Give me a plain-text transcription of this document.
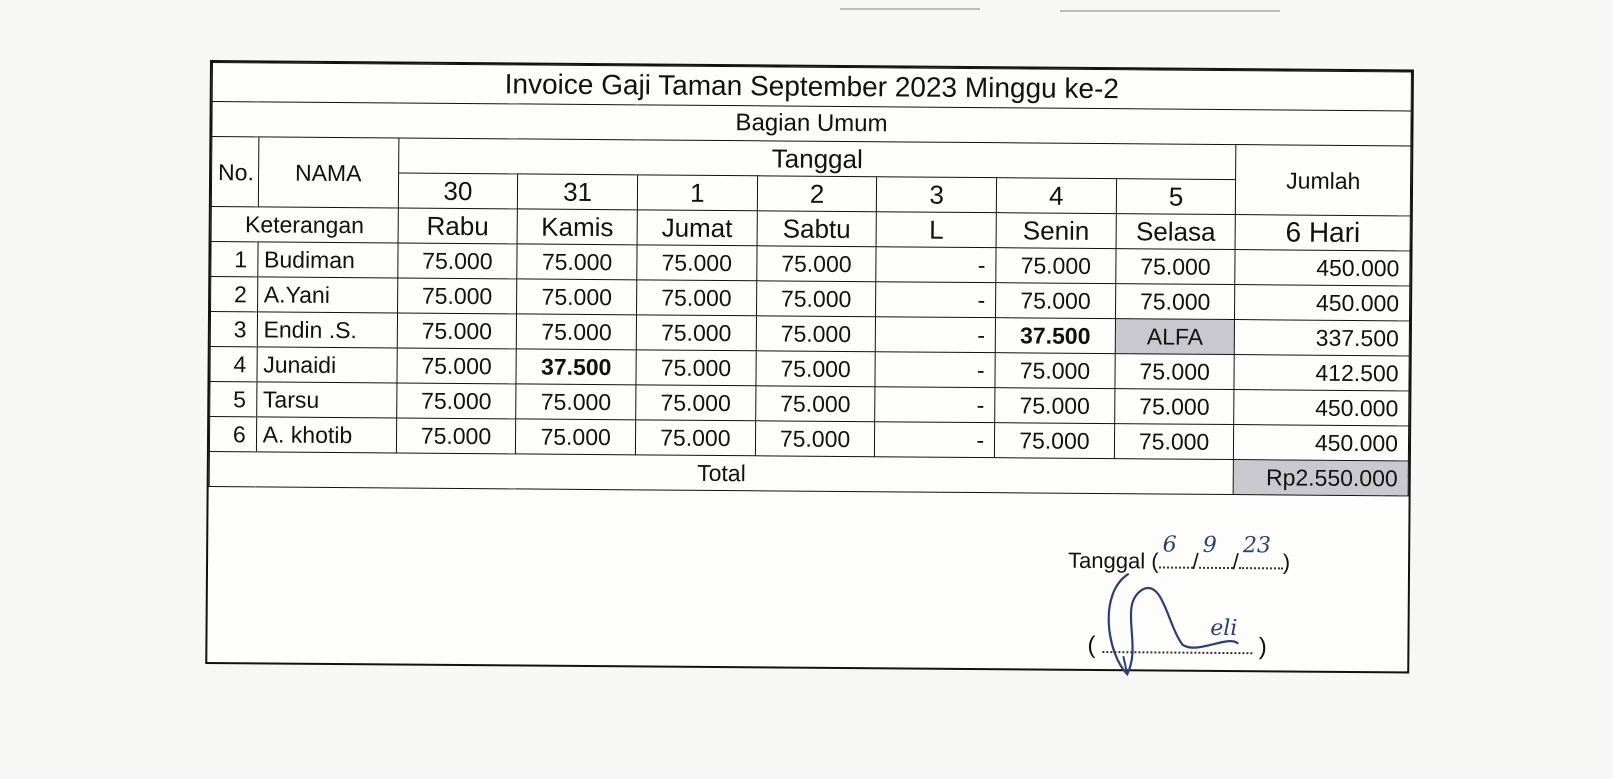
Invoice Gaji Taman September 2023 Minggu ke-2									
Bagian Umum									
No.	NAMA	Tanggal							Jumlah
		30	31	1	2	3	4	5	
Keterangan		Rabu	Kamis	Jumat	Sabtu	L	Senin	Selasa	6 Hari
1	Budiman	75.000	75.000	75.000	75.000	-	75.000	75.000	450.000
2	A.Yani	75.000	75.000	75.000	75.000	-	75.000	75.000	450.000
3	Endin .S.	75.000	75.000	75.000	75.000	-	37.500	ALFA	337.500
4	Junaidi	75.000	37.500	75.000	75.000	-	75.000	75.000	412.500
5	Tarsu	75.000	75.000	75.000	75.000	-	75.000	75.000	450.000
6	A. khotib	75.000	75.000	75.000	75.000	-	75.000	75.000	450.000
Total									Rp2.550.000
Tanggal (
6
/
9
/
23
)
(
eli
)
